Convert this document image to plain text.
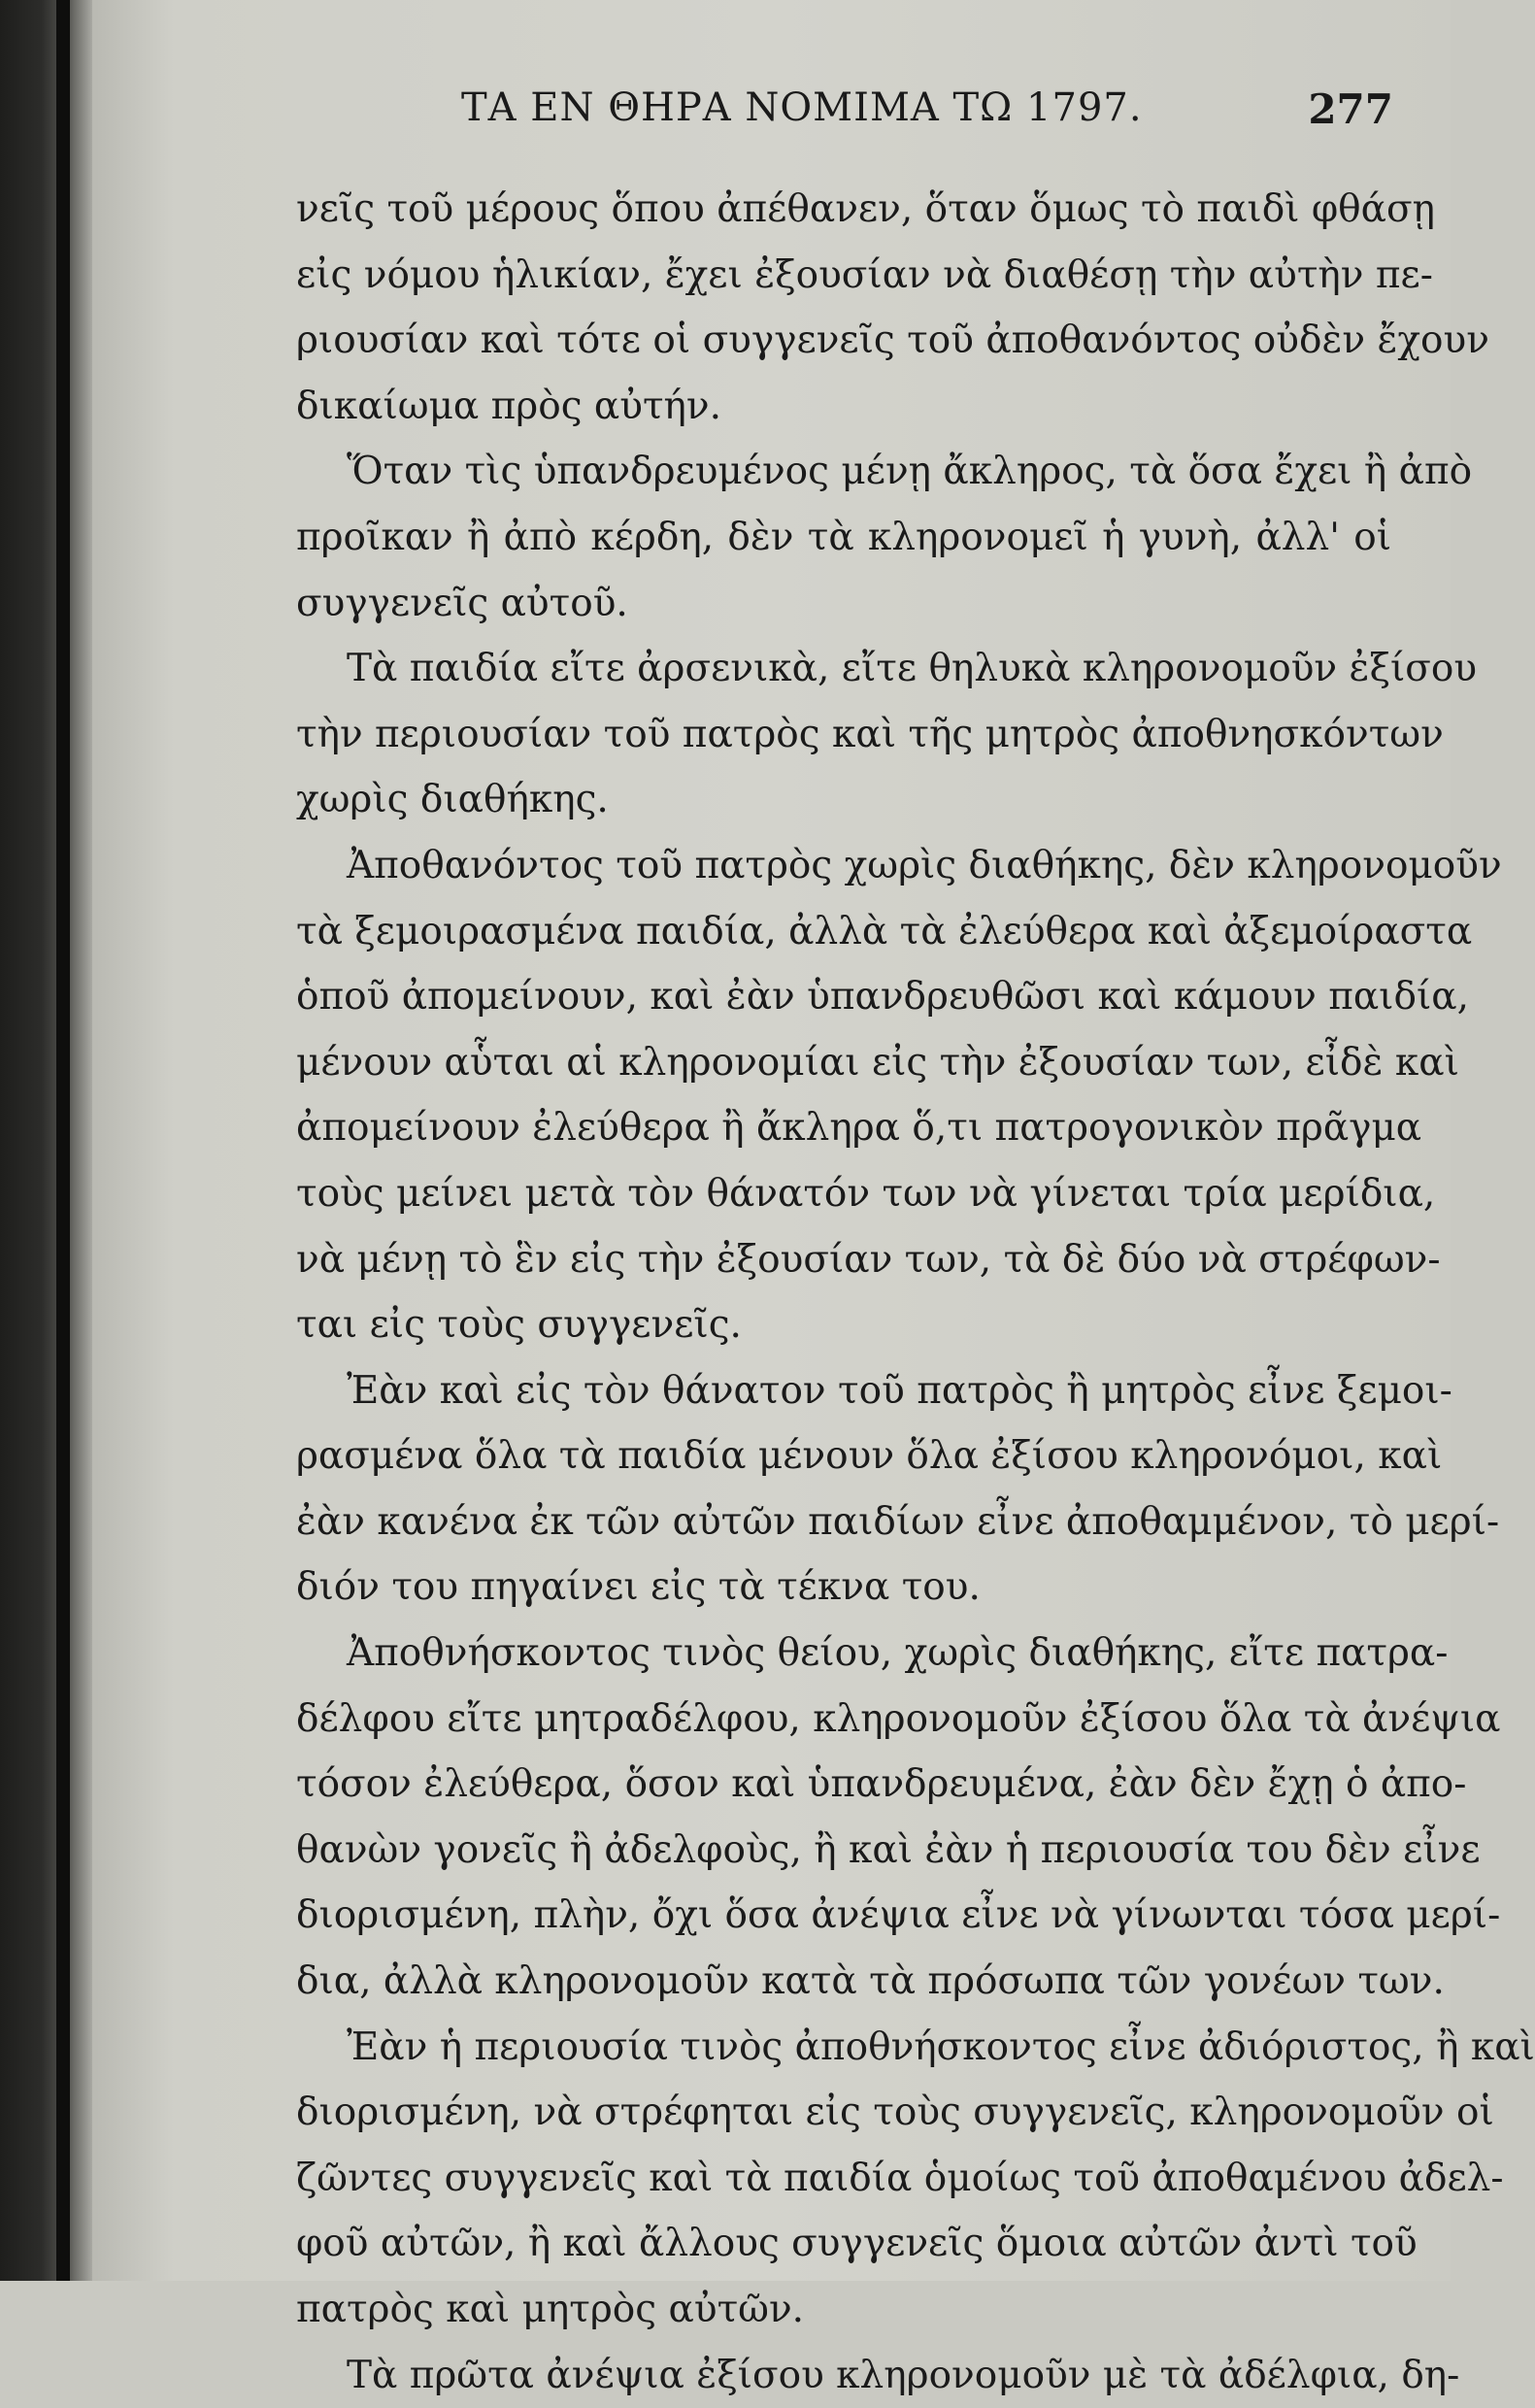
ΤΑ ΕΝ ΘΗΡΑ ΝΟΜΙΜΑ ΤΩ 1797.	277
νεῖς τοῦ μέρους ὅπου ἀπέθανεν, ὅταν ὅμως τὸ παιδὶ φθάσῃ
εἰς νόμου ἡλικίαν, ἔχει ἐξουσίαν νὰ διαθέσῃ τὴν αὐτὴν πε-
ριουσίαν καὶ τότε οἱ συγγενεῖς τοῦ ἀποθανόντος οὐδὲν ἔχουν
δικαίωμα πρὸς αὐτήν.
Ὅταν τὶς ὑπανδρευμένος μένῃ ἄκληρος, τὰ ὅσα ἔχει ἢ ἀπὸ
προῖκαν ἢ ἀπὸ κέρδη, δὲν τὰ κληρονομεῖ ἡ γυνὴ, ἀλλ' οἱ
συγγενεῖς αὐτοῦ.
Τὰ παιδία εἴτε ἀρσενικὰ, εἴτε θηλυκὰ κληρονομοῦν ἐξίσου
τὴν περιουσίαν τοῦ πατρὸς καὶ τῆς μητρὸς ἀποθνησκόντων
χωρὶς διαθήκης.
Ἀποθανόντος τοῦ πατρὸς χωρὶς διαθήκης, δὲν κληρονομοῦν
τὰ ξεμοιρασμένα παιδία, ἀλλὰ τὰ ἐλεύθερα καὶ ἀξεμοίραστα
ὁποῦ ἀπομείνουν, καὶ ἐὰν ὑπανδρευθῶσι καὶ κάμουν παιδία,
μένουν αὗται αἱ κληρονομίαι εἰς τὴν ἐξουσίαν των, εἶδὲ καὶ
ἀπομείνουν ἐλεύθερα ἢ ἄκληρα ὅ,τι πατρογονικὸν πρᾶγμα
τοὺς μείνει μετὰ τὸν θάνατόν των νὰ γίνεται τρία μερίδια,
νὰ μένῃ τὸ ἓν εἰς τὴν ἐξουσίαν των, τὰ δὲ δύο νὰ στρέφων-
ται εἰς τοὺς συγγενεῖς.
Ἐὰν καὶ εἰς τὸν θάνατον τοῦ πατρὸς ἢ μητρὸς εἶνε ξεμοι-
ρασμένα ὅλα τὰ παιδία μένουν ὅλα ἐξίσου κληρονόμοι, καὶ
ἐὰν κανένα ἐκ τῶν αὐτῶν παιδίων εἶνε ἀποθαμμένον, τὸ μερί-
διόν του πηγαίνει εἰς τὰ τέκνα του.
Ἀποθνήσκοντος τινὸς θείου, χωρὶς διαθήκης, εἴτε πατρα-
δέλφου εἴτε μητραδέλφου, κληρονομοῦν ἐξίσου ὅλα τὰ ἀνέψια
τόσον ἐλεύθερα, ὅσον καὶ ὑπανδρευμένα, ἐὰν δὲν ἔχῃ ὁ ἀπο-
θανὼν γονεῖς ἢ ἀδελφοὺς, ἢ καὶ ἐὰν ἡ περιουσία του δὲν εἶνε
διορισμένη, πλὴν, ὄχι ὅσα ἀνέψια εἶνε νὰ γίνωνται τόσα μερί-
δια, ἀλλὰ κληρονομοῦν κατὰ τὰ πρόσωπα τῶν γονέων των.
Ἐὰν ἡ περιουσία τινὸς ἀποθνήσκοντος εἶνε ἀδιόριστος, ἢ καὶ
διορισμένη, νὰ στρέφηται εἰς τοὺς συγγενεῖς, κληρονομοῦν οἱ
ζῶντες συγγενεῖς καὶ τὰ παιδία ὁμοίως τοῦ ἀποθαμένου ἀδελ-
φοῦ αὐτῶν, ἢ καὶ ἄλλους συγγενεῖς ὅμοια αὐτῶν ἀντὶ τοῦ
πατρὸς καὶ μητρὸς αὐτῶν.
Τὰ πρῶτα ἀνέψια ἐξίσου κληρονομοῦν μὲ τὰ ἀδέλφια, δη-
